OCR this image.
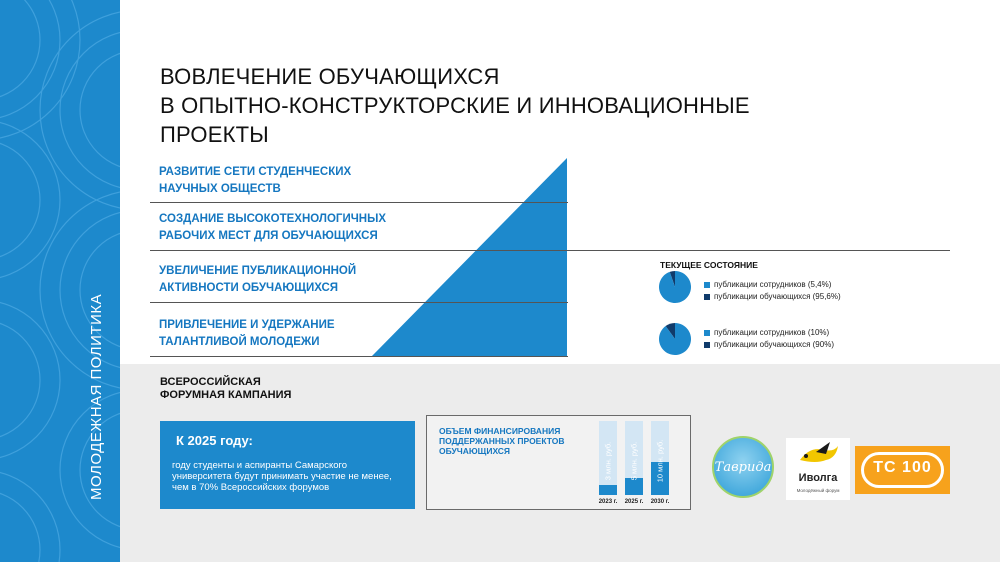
МОЛОДЕЖНАЯ ПОЛИТИКА
ВОВЛЕЧЕНИЕ ОБУЧАЮЩИХСЯ
В ОПЫТНО-КОНСТРУКТОРСКИЕ И ИННОВАЦИОННЫЕ
ПРОЕКТЫ
РАЗВИТИЕ СЕТИ СТУДЕНЧЕСКИХ
НАУЧНЫХ ОБЩЕСТВ
СОЗДАНИЕ ВЫСОКОТЕХНОЛОГИЧНЫХ
РАБОЧИХ МЕСТ ДЛЯ ОБУЧАЮЩИХСЯ
УВЕЛИЧЕНИЕ ПУБЛИКАЦИОННОЙ
АКТИВНОСТИ ОБУЧАЮЩИХСЯ
ПРИВЛЕЧЕНИЕ И УДЕРЖАНИЕ
ТАЛАНТЛИВОЙ МОЛОДЕЖИ
ТЕКУЩЕЕ СОСТОЯНИЕ
публикации сотрудников (5,4%)
публикации обучающихся (95,6%)
публикации сотрудников (10%)
публикации обучающихся (90%)
ВСЕРОССИЙСКАЯ
ФОРУМНАЯ КАМПАНИЯ
К 2025 году:
году студенты и аспиранты Самарского университета будут принимать участие не менее, чем в 70% Всероссийских форумов
ОБЪЕМ ФИНАНСИРОВАНИЯ
ПОДДЕРЖАННЫХ ПРОЕКТОВ
ОБУЧАЮЩИХСЯ	3 млн. руб. 5 млн. руб. 10 млн. руб.
2023 г.	2025 г.	2030 г.
Таврида
Иволга
Молодёжный форум
ТС 100
